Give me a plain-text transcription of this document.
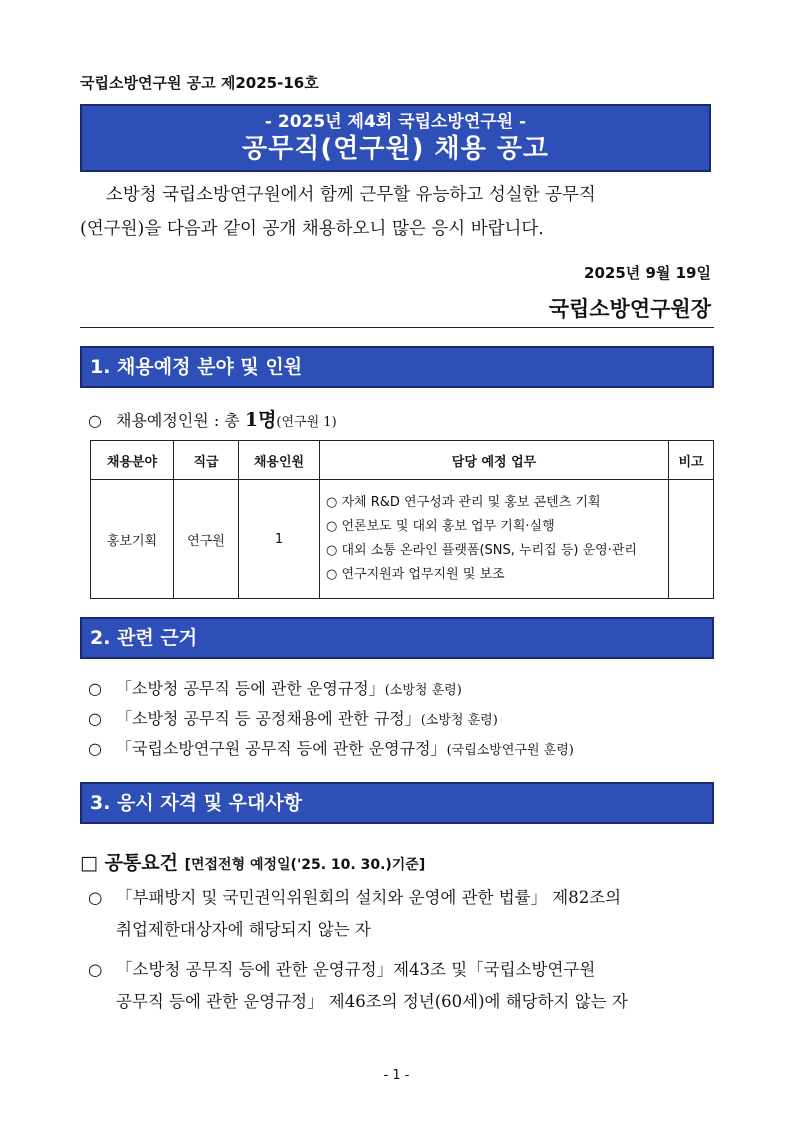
국립소방연구원 공고 제2025-16호
- 2025년 제4회 국립소방연구원 -
공무직(연구원) 채용 공고
소방청 국립소방연구원에서 함께 근무할 유능하고 성실한 공무직
(연구원)을 다음과 같이 공개 채용하오니 많은 응시 바랍니다.
2025년 9월 19일
국립소방연구원장
1. 채용예정 분야 및 인원
○ 채용예정인원 : 총 1명(연구원 1)
채용분야	직급	채용인원	담당 예정 업무	비고
홍보기획	연구원	1	○ 자체 R&D 연구성과 관리 및 홍보 콘텐츠 기획
○ 언론보도 및 대외 홍보 업무 기획·실행
○ 대외 소통 온라인 플랫폼(SNS, 누리집 등) 운영·관리
○ 연구지원과 업무지원 및 보조	

2. 관련 근거
○ 「소방청 공무직 등에 관한 운영규정」(소방청 훈령)
○ 「소방청 공무직 등 공정채용에 관한 규정」(소방청 훈령)
○ 「국립소방연구원 공무직 등에 관한 운영규정」(국립소방연구원 훈령)
3. 응시 자격 및 우대사항
□ 공통요건 [면접전형 예정일('25. 10. 30.)기준]
○ 「부패방지 및 국민권익위원회의 설치와 운영에 관한 법률」 제82조의
취업제한대상자에 해당되지 않는 자
○ 「소방청 공무직 등에 관한 운영규정」제43조 및「국립소방연구원
공무직 등에 관한 운영규정」 제46조의 정년(60세)에 해당하지 않는 자
- 1 -
